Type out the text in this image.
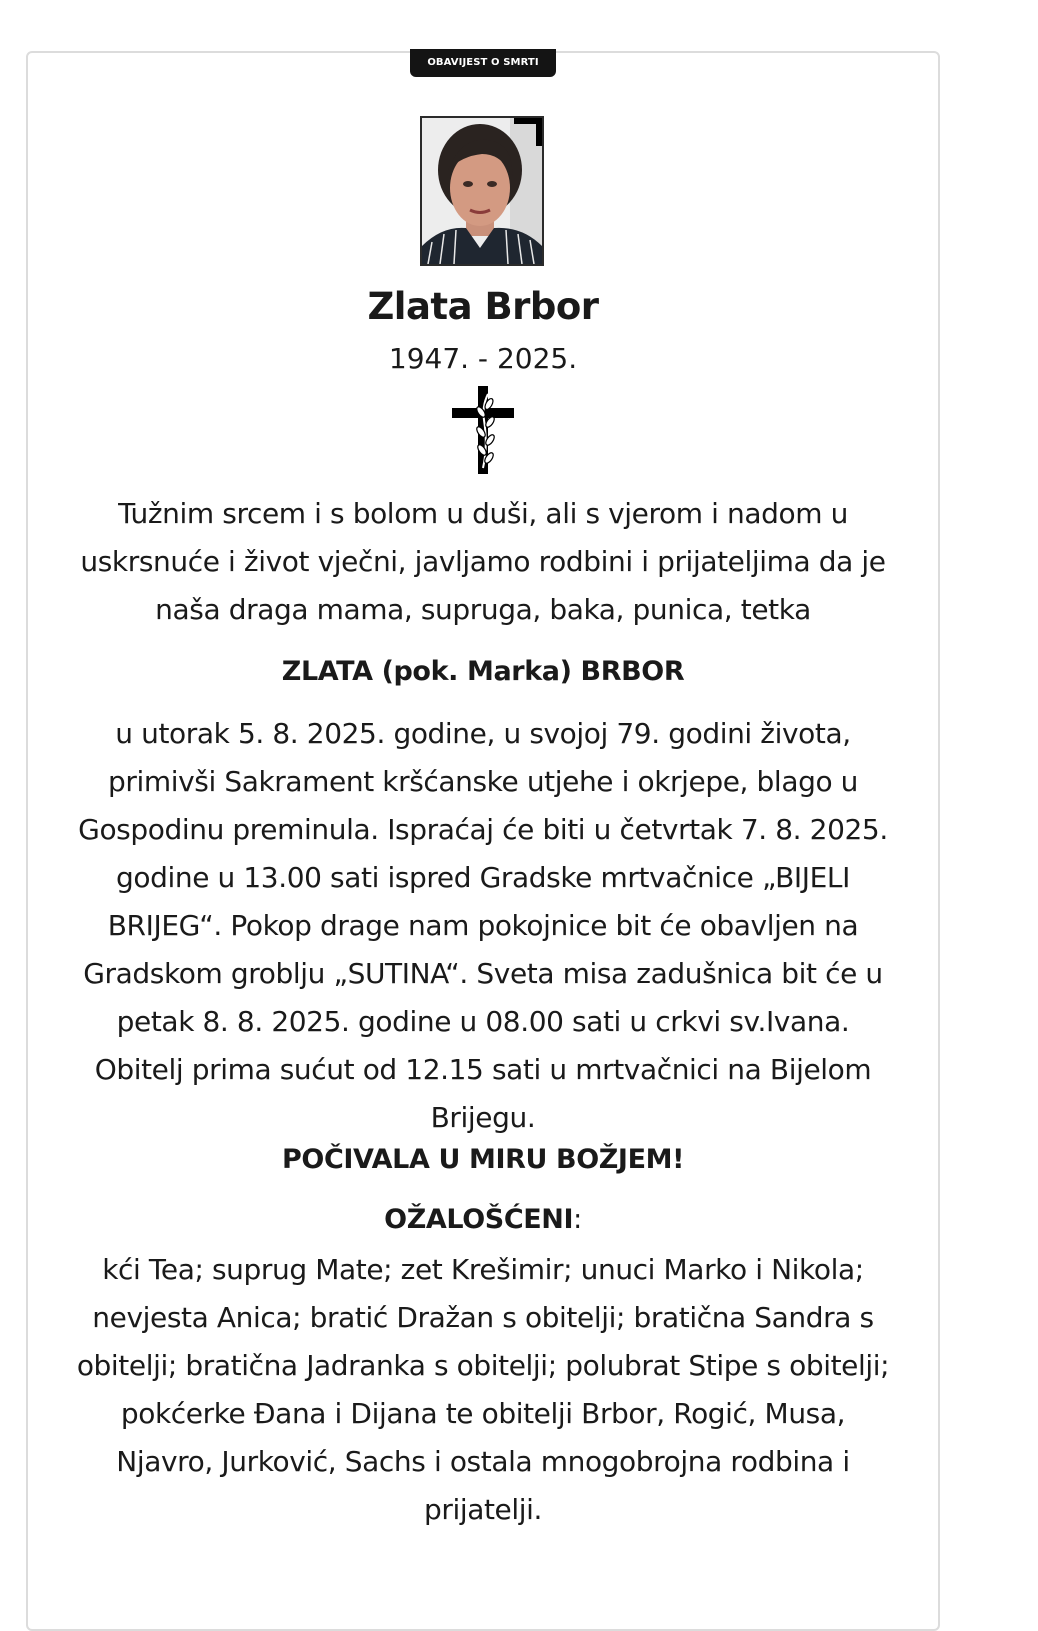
OBAVIJEST O SMRTI
Zlata Brbor
1947. - 2025.
Tužnim srcem i s bolom u duši, ali s vjerom i nadom u uskrsnuće i život vječni, javljamo rodbini i prijateljima da je naša draga mama, supruga, baka, punica, tetka
ZLATA (pok. Marka) BRBOR
u utorak 5. 8. 2025. godine, u svojoj 79. godini života, primivši Sakrament kršćanske utjehe i okrjepe, blago u Gospodinu preminula. Ispraćaj će biti u četvrtak 7. 8. 2025. godine u 13.00 sati ispred Gradske mrtvačnice „BIJELI BRIJEG“. Pokop drage nam pokojnice bit će obavljen na Gradskom groblju „SUTINA“. Sveta misa zadušnica bit će u petak 8. 8. 2025. godine u 08.00 sati u crkvi sv.Ivana. Obitelj prima sućut od 12.15 sati u mrtvačnici na Bijelom Brijegu.
POČIVALA U MIRU BOŽJEM!
OŽALOŠĆENI:
kći Tea; suprug Mate; zet Krešimir; unuci Marko i Nikola; nevjesta Anica; bratić Dražan s obitelji; bratična Sandra s obitelji; bratična Jadranka s obitelji; polubrat Stipe s obitelji; pokćerke Đana i Dijana te obitelji Brbor, Rogić, Musa, Njavro, Jurković, Sachs i ostala mnogobrojna rodbina i prijatelji.
